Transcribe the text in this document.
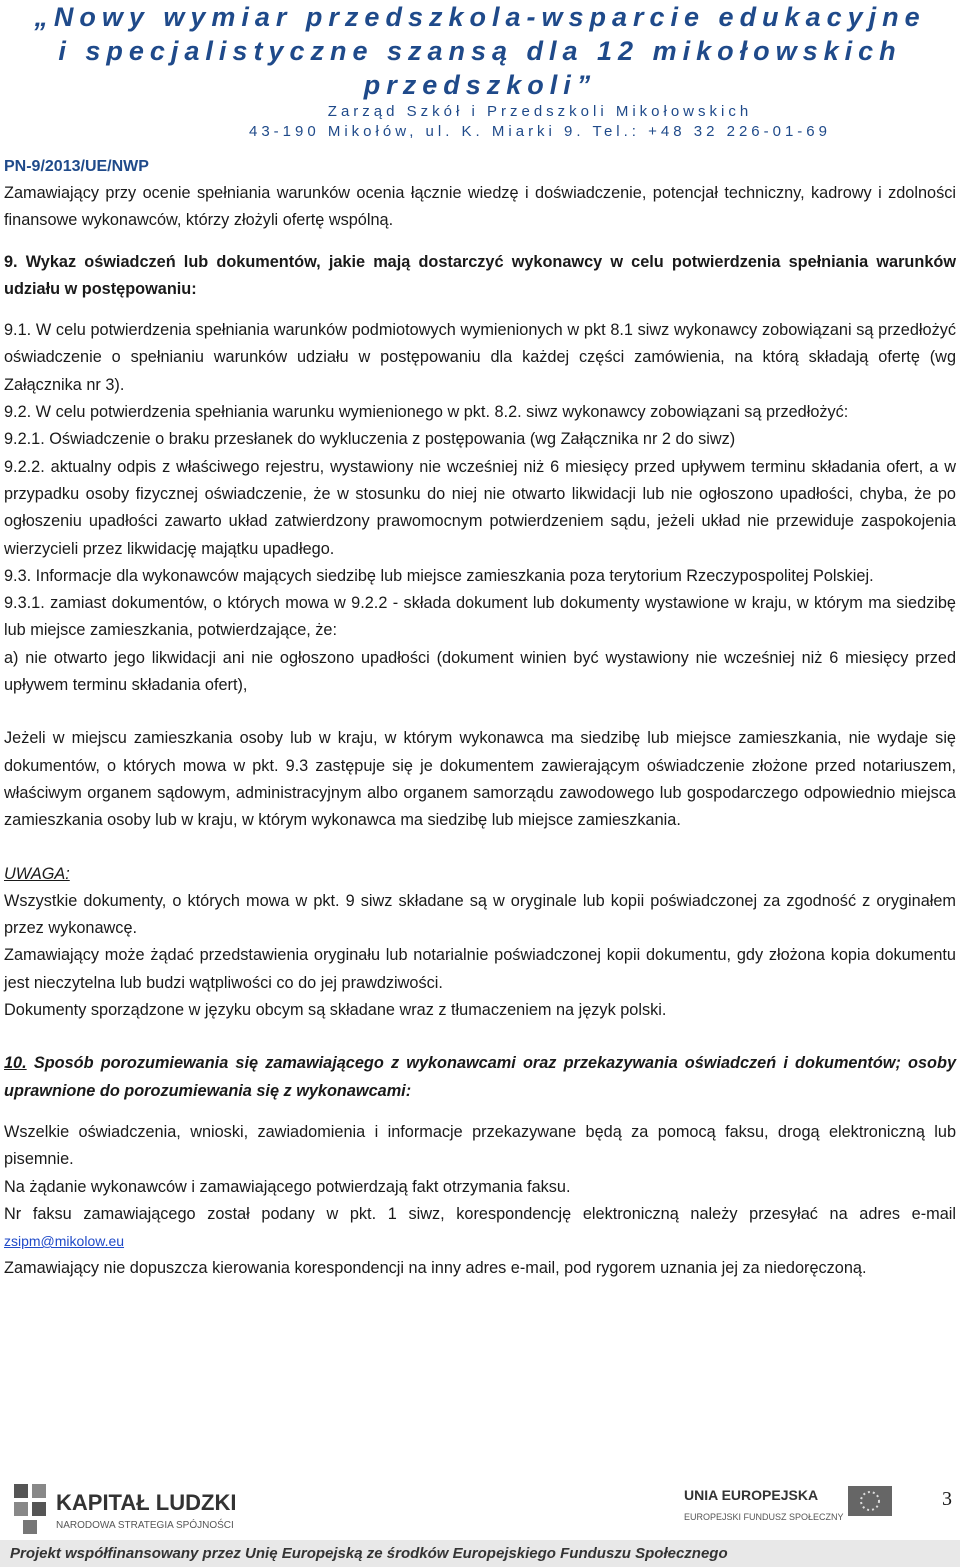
„Nowy wymiar przedszkola-wsparcie edukacyjne
i specjalistyczne szansą dla 12 mikołowskich
przedszkoli”
Zarząd Szkół i Przedszkoli Mikołowskich
43-190 Mikołów, ul. K. Miarki 9. Tel.: +48 32 226-01-69
PN-9/2013/UE/NWP

Zamawiający przy ocenie spełniania warunków ocenia łącznie wiedzę i doświadczenie, potencjał techniczny, kadrowy i zdolności finansowe wykonawców, którzy złożyli ofertę wspólną.

9. Wykaz oświadczeń lub dokumentów, jakie mają dostarczyć wykonawcy w celu potwierdzenia spełniania warunków udziału w postępowaniu:

9.1. W celu potwierdzenia spełniania warunków podmiotowych wymienionych w pkt 8.1 siwz wykonawcy zobowiązani są przedłożyć oświadczenie o spełnianiu warunków udziału w postępowaniu dla każdej części zamówienia, na którą składają ofertę (wg Załącznika nr 3).

9.2. W celu potwierdzenia spełniania warunku wymienionego w pkt. 8.2. siwz wykonawcy zobowiązani są przedłożyć:

9.2.1. Oświadczenie o braku przesłanek do wykluczenia z postępowania (wg Załącznika nr 2 do siwz)

9.2.2. aktualny odpis z właściwego rejestru, wystawiony nie wcześniej niż 6 miesięcy przed upływem terminu składania ofert, a w przypadku osoby fizycznej oświadczenie, że w stosunku do niej nie otwarto likwidacji lub nie ogłoszono upadłości, chyba, że po ogłoszeniu upadłości zawarto układ zatwierdzony prawomocnym potwierdzeniem sądu, jeżeli układ nie przewiduje zaspokojenia wierzycieli przez likwidację majątku upadłego.

9.3. Informacje dla wykonawców mających siedzibę lub miejsce zamieszkania poza terytorium Rzeczypospolitej Polskiej.

9.3.1. zamiast dokumentów, o których mowa w 9.2.2 - składa dokument lub dokumenty wystawione w kraju, w którym ma siedzibę lub miejsce zamieszkania, potwierdzające, że:

a) nie otwarto jego likwidacji ani nie ogłoszono upadłości (dokument winien być wystawiony nie wcześniej niż 6 miesięcy przed upływem terminu składania ofert),

Jeżeli w miejscu zamieszkania osoby lub w kraju, w którym wykonawca ma siedzibę lub miejsce zamieszkania, nie wydaje się dokumentów, o których mowa w pkt. 9.3 zastępuje się je dokumentem zawierającym oświadczenie złożone przed notariuszem, właściwym organem sądowym, administracyjnym albo organem samorządu zawodowego lub gospodarczego odpowiednio miejsca zamieszkania osoby lub w kraju, w którym wykonawca ma siedzibę lub miejsce zamieszkania.

UWAGA:

Wszystkie dokumenty, o których mowa w pkt. 9 siwz składane są w oryginale lub kopii poświadczonej za zgodność z oryginałem przez wykonawcę.

Zamawiający może żądać przedstawienia oryginału lub notarialnie poświadczonej kopii dokumentu, gdy złożona kopia dokumentu jest nieczytelna lub budzi wątpliwości co do jej prawdziwości.

Dokumenty sporządzone w języku obcym są składane wraz z tłumaczeniem na język polski.

10. Sposób porozumiewania się zamawiającego z wykonawcami oraz przekazywania oświadczeń i dokumentów; osoby uprawnione do porozumiewania się z wykonawcami:

Wszelkie oświadczenia, wnioski, zawiadomienia i informacje przekazywane będą za pomocą faksu, drogą elektroniczną lub pisemnie.

Na żądanie wykonawców i zamawiającego potwierdzają fakt otrzymania faksu.

Nr faksu zamawiającego został podany w pkt. 1 siwz, korespondencję elektroniczną należy przesyłać na adres e-mail zsipm@mikolow.eu

Zamawiający nie dopuszcza kierowania korespondencji na inny adres e-mail, pod rygorem uznania jej za niedoręczoną.

KAPITAŁ LUDZKI
NARODOWA STRATEGIA SPÓJNOŚCI
UNIA EUROPEJSKA
EUROPEJSKI FUNDUSZ SPOŁECZNY
3
Projekt współfinansowany przez Unię Europejską ze środków Europejskiego Funduszu Społecznego
